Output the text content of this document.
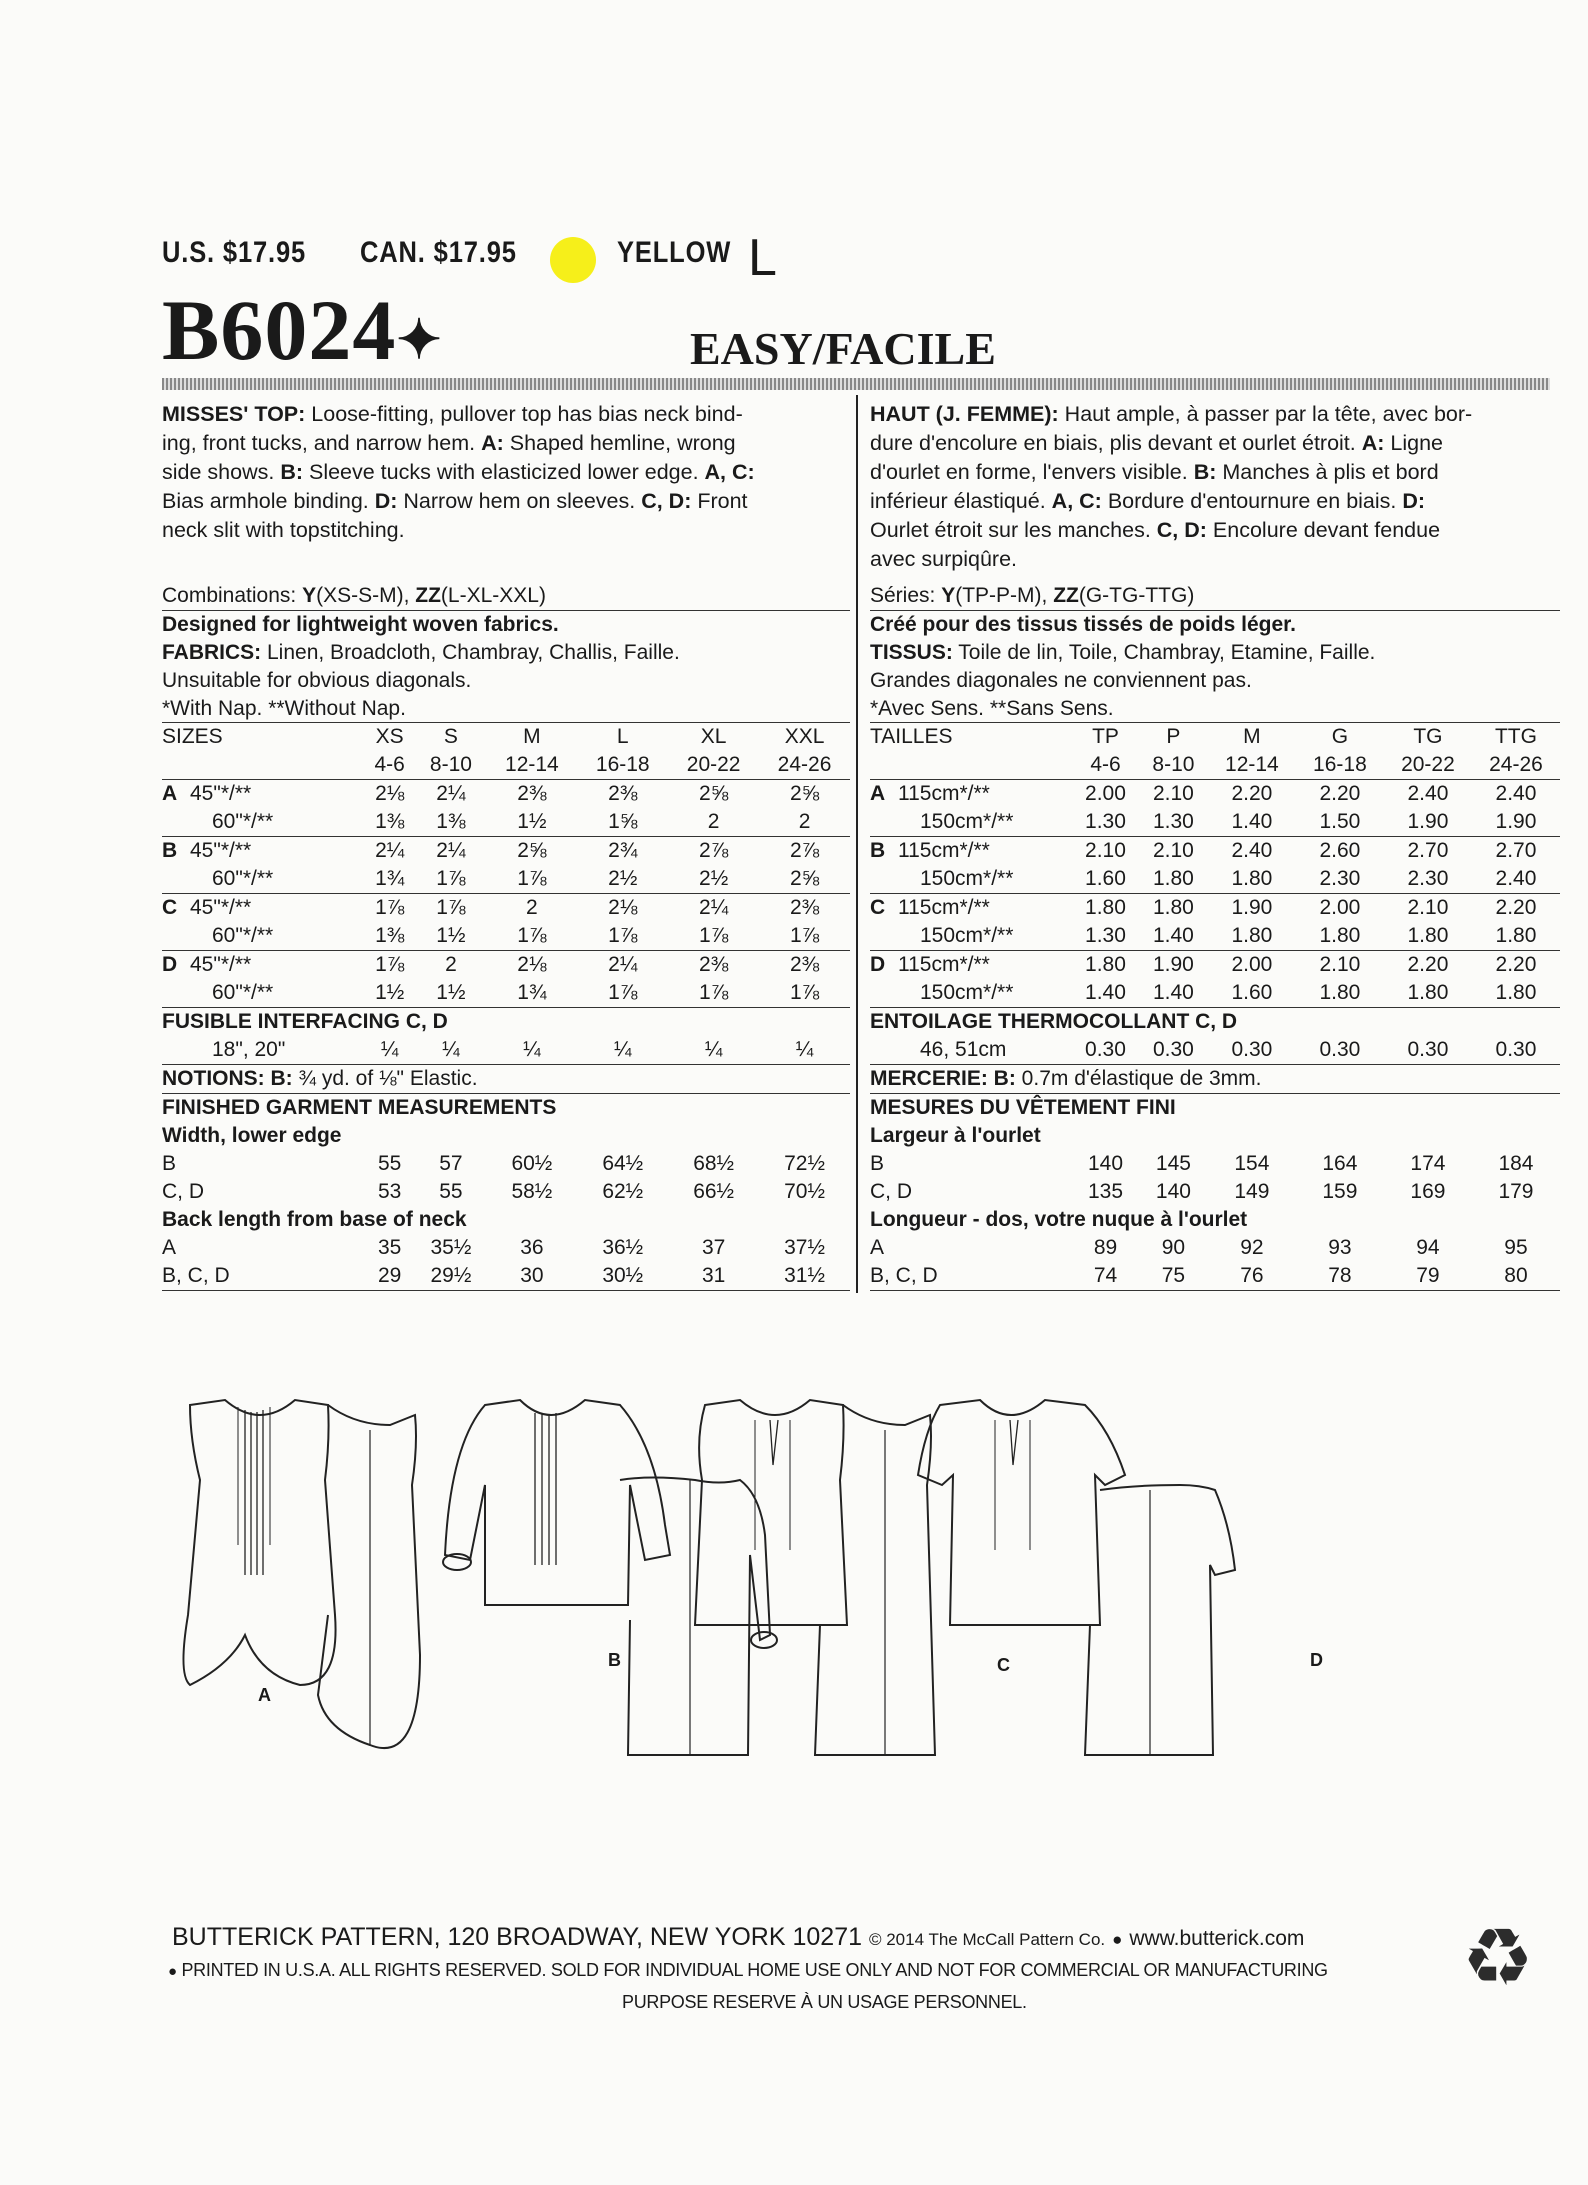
U.S. $17.95 CAN. $17.95	YELLOW L
B6024✦	EASY/FACILE
MISSES' TOP: Loose-fitting, pullover top has bias neck bind-
ing, front tucks, and narrow hem. A: Shaped hemline, wrong
side shows. B: Sleeve tucks with elasticized lower edge. A, C:
Bias armhole binding. D: Narrow hem on sleeves. C, D: Front
neck slit with topstitching.
Combinations: Y(XS-S-M), ZZ(L-XL-XXL)
Designed for lightweight woven fabrics.
FABRICS: Linen, Broadcloth, Chambray, Challis, Faille.
Unsuitable for obvious diagonals.
*With Nap. **Without Nap.
SIZES		XS	S	M	L	XL	XXL
		4-6	8-10	12-14	16-18	20-22	24-26
A	45"*/**	2⅛	2¼	2⅜	2⅜	2⅝	2⅝
	60"*/**	1⅜	1⅜	1½	1⅝	2	2
B	45"*/**	2¼	2¼	2⅝	2¾	2⅞	2⅞
	60"*/**	1¾	1⅞	1⅞	2½	2½	2⅝
C	45"*/**	1⅞	1⅞	2	2⅛	2¼	2⅜
	60"*/**	1⅜	1½	1⅞	1⅞	1⅞	1⅞
D	45"*/**	1⅞	2	2⅛	2¼	2⅜	2⅜
	60"*/**	1½	1½	1¾	1⅞	1⅞	1⅞
FUSIBLE INTERFACING C, D							
	18", 20"	¼	¼	¼	¼	¼	¼
NOTIONS: B: ¾ yd. of ⅛" Elastic.							
FINISHED GARMENT MEASUREMENTS							
Width, lower edge							
B		55	57	60½	64½	68½	72½
C, D		53	55	58½	62½	66½	70½
Back length from base of neck							
A		35	35½	36	36½	37	37½
B, C, D		29	29½	30	30½	31	31½
HAUT (J. FEMME): Haut ample, à passer par la tête, avec bor-
dure d'encolure en biais, plis devant et ourlet étroit. A: Ligne
d'ourlet en forme, l'envers visible. B: Manches à plis et bord
inférieur élastiqué. A, C: Bordure d'entournure en biais. D:
Ourlet étroit sur les manches. C, D: Encolure devant fendue
avec surpiqûre.
Séries: Y(TP-P-M), ZZ(G-TG-TTG)
Créé pour des tissus tissés de poids léger.
TISSUS: Toile de lin, Toile, Chambray, Etamine, Faille.
Grandes diagonales ne conviennent pas.
*Avec Sens. **Sans Sens.
TAILLES		TP	P	M	G	TG	TTG
		4-6	8-10	12-14	16-18	20-22	24-26
A	115cm*/**	2.00	2.10	2.20	2.20	2.40	2.40
	150cm*/**	1.30	1.30	1.40	1.50	1.90	1.90
B	115cm*/**	2.10	2.10	2.40	2.60	2.70	2.70
	150cm*/**	1.60	1.80	1.80	2.30	2.30	2.40
C	115cm*/**	1.80	1.80	1.90	2.00	2.10	2.20
	150cm*/**	1.30	1.40	1.80	1.80	1.80	1.80
D	115cm*/**	1.80	1.90	2.00	2.10	2.20	2.20
	150cm*/**	1.40	1.40	1.60	1.80	1.80	1.80
ENTOILAGE THERMOCOLLANT C, D							
	46, 51cm	0.30	0.30	0.30	0.30	0.30	0.30
MERCERIE: B: 0.7m d'élastique de 3mm.							
MESURES DU VÊTEMENT FINI							
Largeur à l'ourlet							
B		140	145	154	164	174	184
C, D		135	140	149	159	169	179
Longueur - dos, votre nuque à l'ourlet							
A		89	90	92	93	94	95
B, C, D		74	75	76	78	79	80
A
B	C	D
BUTTERICK PATTERN, 120 BROADWAY, NEW YORK 10271 © 2014 The McCall Pattern Co. ● www.butterick.com
● PRINTED IN U.S.A. ALL RIGHTS RESERVED. SOLD FOR INDIVIDUAL HOME USE ONLY AND NOT FOR COMMERCIAL OR MANUFACTURING
PURPOSE RESERVE À UN USAGE PERSONNEL.	♻
